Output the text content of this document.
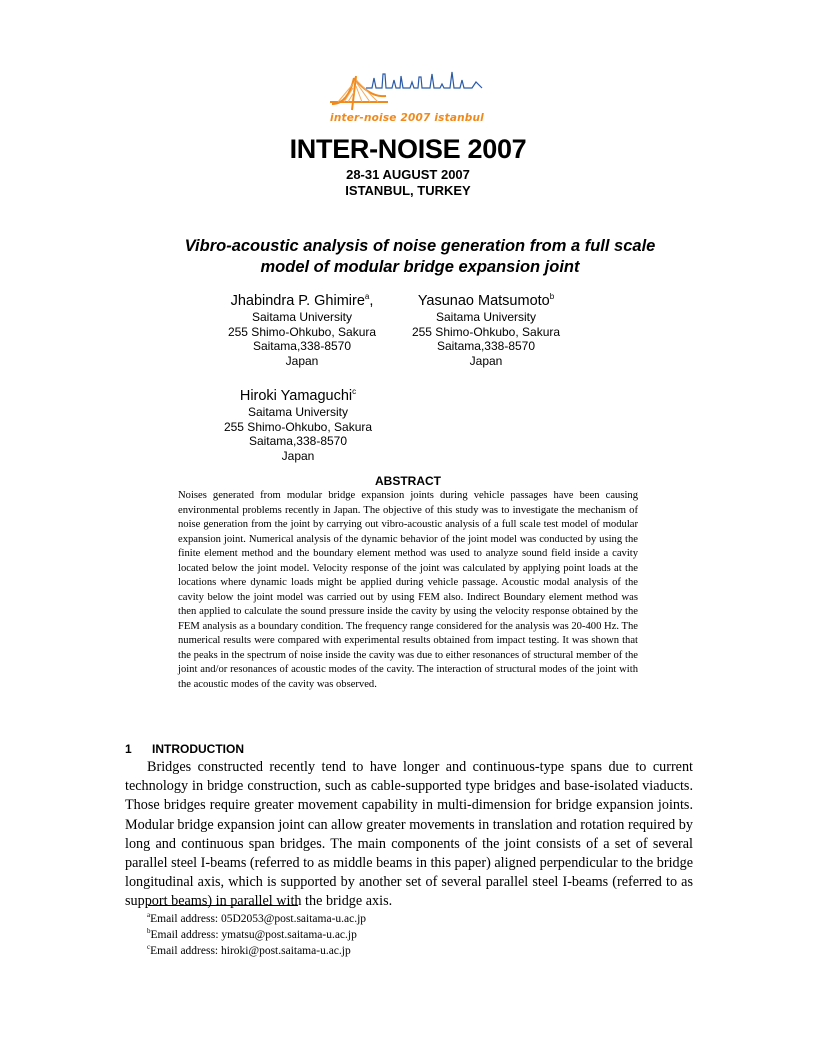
inter-noise 2007 istanbul
INTER-NOISE 2007
28-31 AUGUST 2007
ISTANBUL, TURKEY
Vibro-acoustic analysis of noise generation from a full scale
model of modular bridge expansion joint
Jhabindra P. Ghimire$^a$,
Saitama University
255 Shimo-Ohkubo, Sakura
Saitama,338-8570
Japan
Yasunao Matsumoto$^b$
Saitama University
255 Shimo-Ohkubo, Sakura
Saitama,338-8570
Japan
Hiroki Yamaguchi$^c$
Saitama University
255 Shimo-Ohkubo, Sakura
Saitama,338-8570
Japan
ABSTRACT
Noises generated from modular bridge expansion joints during vehicle passages have been causing environmental problems recently in Japan. The objective of this study was to investigate the mechanism of noise generation from the joint by carrying out vibro-acoustic analysis of a full scale test model of modular expansion joint. Numerical analysis of the dynamic behavior of the joint model was conducted by using the finite element method and the boundary element method was used to analyze sound field inside a cavity located below the joint model. Velocity response of the joint was calculated by applying point loads at the locations where dynamic loads might be applied during vehicle passage. Acoustic modal analysis of the cavity below the joint model was carried out by using FEM also. Indirect Boundary element method was then applied to calculate the sound pressure inside the cavity by using the velocity response obtained by the FEM analysis as a boundary condition. The frequency range considered for the analysis was 20-400 Hz. The numerical results were compared with experimental results obtained from impact testing. It was shown that the peaks in the spectrum of noise inside the cavity was due to either resonances of structural member of the joint and/or resonances of acoustic modes of the cavity. The interaction of structural modes of the joint with the acoustic modes of the cavity was observed.
1 INTRODUCTION
Bridges constructed recently tend to have longer and continuous-type spans due to current technology in bridge construction, such as cable-supported type bridges and base-isolated viaducts. Those bridges require greater movement capability in multi-dimension for bridge expansion joints. Modular bridge expansion joint can allow greater movements in translation and rotation required by long and continuous span bridges. The main components of the joint consists of a set of several parallel steel I-beams (referred to as middle beams in this paper) aligned perpendicular to the bridge longitudinal axis, which is supported by another set of several parallel steel I-beams (referred to as support beams) in parallel with the bridge axis.
$^a$Email address: 05D2053@post.saitama-u.ac.jp
$^b$Email address: ymatsu@post.saitama-u.ac.jp
$^c$Email address: hiroki@post.saitama-u.ac.jp
